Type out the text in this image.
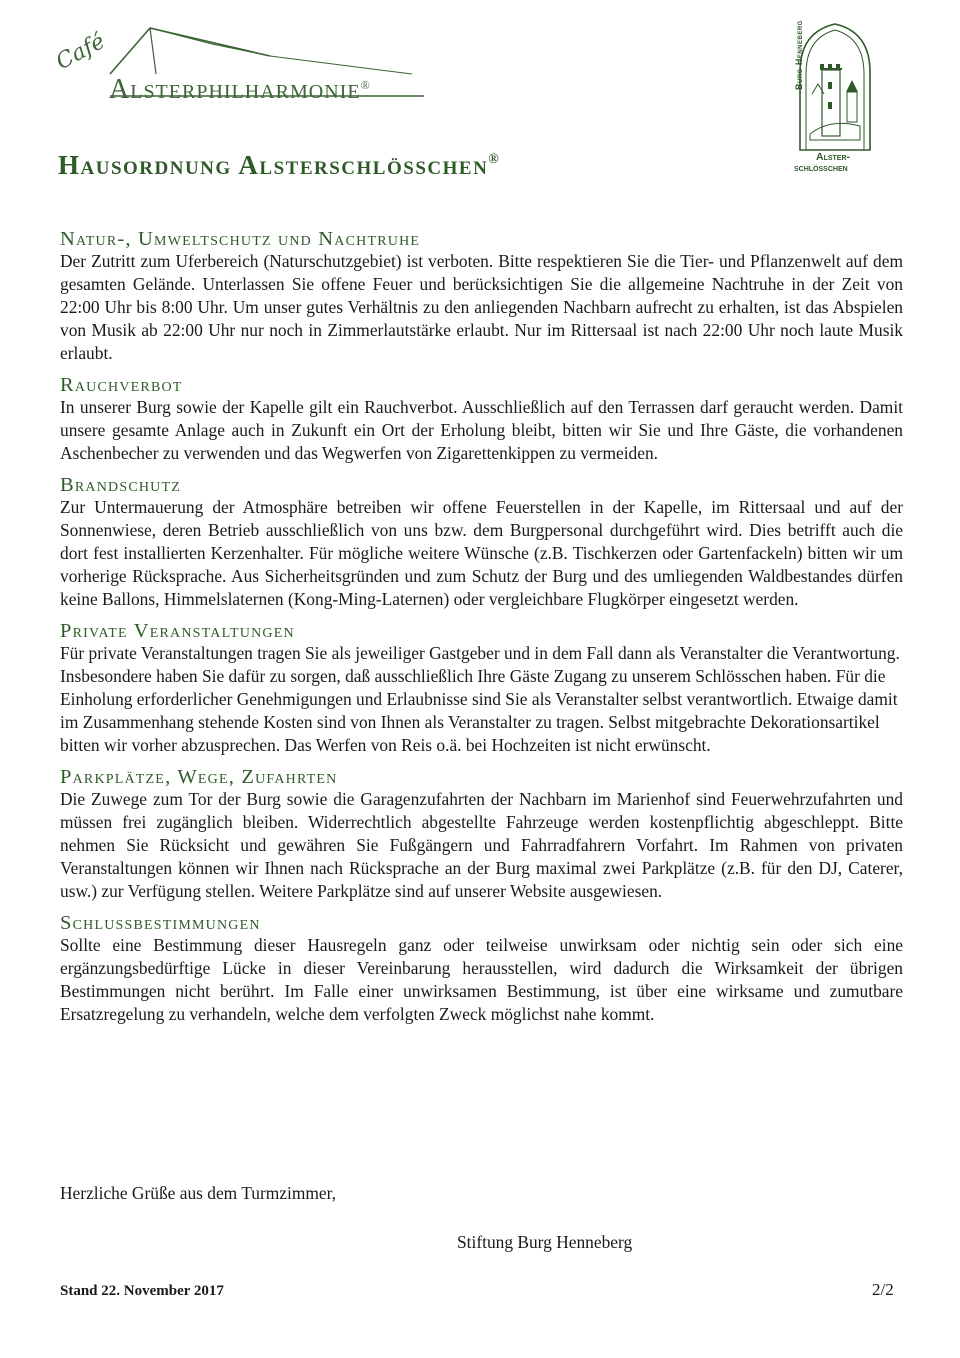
Café
Alsterphilharmonie®	Burg Henneberg
Alster-
schlösschen
Hausordnung Alsterschlösschen®
Natur-, Umweltschutz und Nachtruhe

Der Zutritt zum Uferbereich (Naturschutzgebiet) ist verboten. Bitte respektieren Sie die Tier- und Pflanzenwelt auf dem gesamten Gelände. Unterlassen Sie offene Feuer und berücksichtigen Sie die allgemeine Nachtruhe in der Zeit von 22:00 Uhr bis 8:00 Uhr. Um unser gutes Verhältnis zu den anliegenden Nachbarn aufrecht zu erhalten, ist das Abspielen von Musik ab 22:00 Uhr nur noch in Zimmerlautstärke erlaubt. Nur im Rittersaal ist nach 22:00 Uhr noch laute Musik erlaubt.

Rauchverbot

In unserer Burg sowie der Kapelle gilt ein Rauchverbot. Ausschließlich auf den Terrassen darf geraucht werden. Damit unsere gesamte Anlage auch in Zukunft ein Ort der Erholung bleibt, bitten wir Sie und Ihre Gäste, die vorhandenen Aschenbecher zu verwenden und das Wegwerfen von Zigarettenkippen zu vermeiden.

Brandschutz

Zur Untermauerung der Atmosphäre betreiben wir offene Feuerstellen in der Kapelle, im Rittersaal und auf der Sonnenwiese, deren Betrieb ausschließlich von uns bzw. dem Burgpersonal durchgeführt wird. Dies betrifft auch die dort fest installierten Kerzenhalter. Für mögliche weitere Wünsche (z.B. Tischkerzen oder Gartenfackeln) bitten wir um vorherige Rücksprache. Aus Sicherheitsgründen und zum Schutz der Burg und des umliegenden Waldbestandes dürfen keine Ballons, Himmelslaternen (Kong-Ming-Laternen) oder vergleichbare Flugkörper eingesetzt werden.

Private Veranstaltungen

Für private Veranstaltungen tragen Sie als jeweiliger Gastgeber und in dem Fall dann als Veranstalter die Verantwortung. Insbesondere haben Sie dafür zu sorgen, daß ausschließlich Ihre Gäste Zugang zu unserem Schlösschen haben. Für die Einholung erforderlicher Genehmigungen und Erlaubnisse sind Sie als Veranstalter selbst verantwortlich. Etwaige damit im Zusammenhang stehende Kosten sind von Ihnen als Veranstalter zu tragen. Selbst mitgebrachte Dekorationsartikel bitten wir vorher abzusprechen. Das Werfen von Reis o.ä. bei Hochzeiten ist nicht erwünscht.

Parkplätze, Wege, Zufahrten

Die Zuwege zum Tor der Burg sowie die Garagenzufahrten der Nachbarn im Marienhof sind Feuerwehrzufahrten und müssen frei zugänglich bleiben. Widerrechtlich abgestellte Fahrzeuge werden kostenpflichtig abgeschleppt. Bitte nehmen Sie Rücksicht und gewähren Sie Fußgängern und Fahrradfahrern Vorfahrt. Im Rahmen von privaten Veranstaltungen können wir Ihnen nach Rücksprache an der Burg maximal zwei Parkplätze (z.B. für den DJ, Caterer, usw.) zur Verfügung stellen. Weitere Parkplätze sind auf unserer Website ausgewiesen.

Schlussbestimmungen

Sollte eine Bestimmung dieser Hausregeln ganz oder teilweise unwirksam oder nichtig sein oder sich eine ergänzungsbedürftige Lücke in dieser Vereinbarung herausstellen, wird dadurch die Wirksamkeit der übrigen Bestimmungen nicht berührt. Im Falle einer unwirksamen Bestimmung, ist über eine wirksame und zumutbare Ersatzregelung zu verhandeln, welche dem verfolgten Zweck möglichst nahe kommt.

Herzliche Grüße aus dem Turmzimmer,
Stiftung Burg Henneberg
Stand 22. November 2017	2/2
